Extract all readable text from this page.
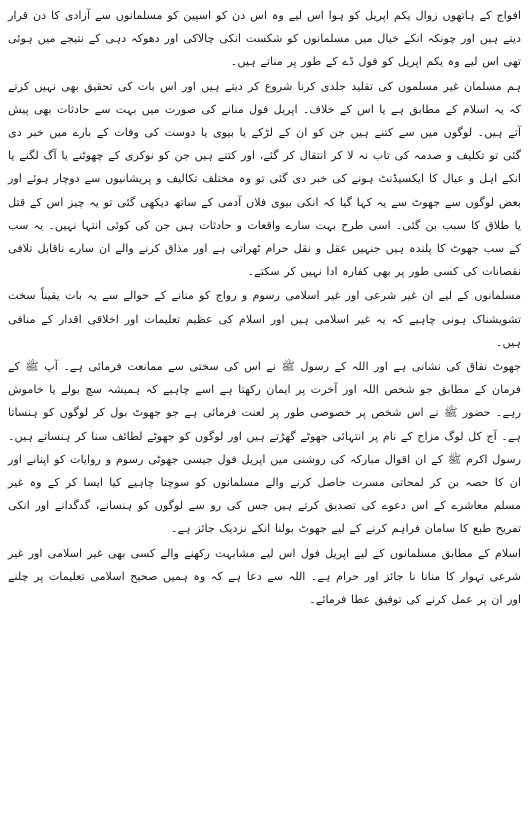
افواج کے ہاتھوں زوال یکم اپریل کو ہوا اس لیے وہ اس دن کو اسپین کو مسلمانوں سے آزادی کا دن قرار دیتے ہیں اور چونکہ انکے خیال میں مسلمانوں کو شکست انکی چالاکی اور دھوکہ دہی کے نتیجے میں ہوئی تھی اس لیے وہ یکم اپریل کو فول ڈے کے طور پر مناتے ہیں۔

ہم مسلمان غیر مسلموں کی تقلید جلدی کرنا شروع کر دیتے ہیں اور اس بات کی تحقیق بھی نہیں کرتے کہ یہ اسلام کے مطابق ہے یا اس کے خلاف۔ اپریل فول منانے کی صورت میں بہت سے حادثات بھی پیش آتے ہیں۔ لوگوں میں سے کتنے ہیں جن کو ان کے لڑکے یا بیوی یا دوست کی وفات کے بارے میں خبر دی گئی تو تکلیف و صدمہ کی تاب نہ لا کر انتقال کر گئے، اور کتنے ہیں جن کو نوکری کے چھوٹنے یا آگ لگنے یا انکے اہل و عیال کا ایکسیڈنٹ ہونے کی خبر دی گئی تو وہ مختلف تکالیف و پریشانیوں سے دوچار ہوئے اور بعض لوگوں سے جھوٹ سے یہ کہا گیا کہ انکی بیوی فلاں آدمی کے ساتھ دیکھی گئی تو یہ چیز اس کے قتل یا طلاق کا سبب بن گئی۔ اسی طرح بہت سارے واقعات و حادثات ہیں جن کی کوئی انتہا نہیں۔ یہ سب کے سب جھوٹ کا پلندہ ہیں جنہیں عقل و نقل حرام ٹھراتی ہے اور مذاق کرنے والے ان سارے ناقابل تلافی نقصانات کی کسی طور پر بھی کفارہ ادا نہیں کر سکتے۔

مسلمانوں کے لیے ان غیر شرعی اور غیر اسلامی رسوم و رواج کو منانے کے حوالے سے یہ بات یقیناً سخت تشویشناک ہونی چاہیے کہ یہ غیر اسلامی ہیں اور اسلام کی عظیم تعلیمات اور اخلاقی اقدار کے منافی ہیں۔

جھوٹ نفاق کی نشانی ہے اور اللہ کے رسول ﷺ نے اس کی سختی سے ممانعت فرمائی ہے۔ آپ ﷺ کے فرمان کے مطابق جو شخص اللہ اور آخرت پر ایمان رکھتا ہے اسے چاہیے کہ ہمیشہ سچ بولے یا خاموش رہے۔ حضور ﷺ نے اس شخص پر خصوصی طور پر لعنت فرمائی ہے جو جھوٹ بول کر لوگوں کو ہنساتا ہے۔ آج کل لوگ مزاح کے نام پر انتہائی جھوٹے گھڑتے ہیں اور لوگوں کو جھوٹے لطائف سنا کر ہنساتے ہیں۔ رسول اکرم ﷺ کے ان اقوال مبارکہ کی روشنی میں اپریل فول جیسی جھوٹی رسوم و روایات کو اپنانے اور ان کا حصہ بن کر لمحاتی مسرت حاصل کرنے والے مسلمانوں کو سوچنا چاہیے کیا ایسا کر کے وہ غیر مسلم معاشرے کے اس دعوے کی تصدیق کرتے ہیں جس کی رو سے لوگوں کو ہنسانے، گدگدانے اور انکی تفریح طبع کا سامان فراہم کرنے کے لیے جھوٹ بولنا انکے نزدیک جائز ہے۔

اسلام کے مطابق مسلمانوں کے لیے اپریل فول اس لیے مشابہت رکھنے والے کسی بھی غیر اسلامی اور غیر شرعی تہوار کا منانا نا جائز اور حرام ہے۔ اللہ سے دعا ہے کہ وہ ہمیں صحیح اسلامی تعلیمات پر چلنے اور ان پر عمل کرنے کی توفیق عطا فرمائے۔
